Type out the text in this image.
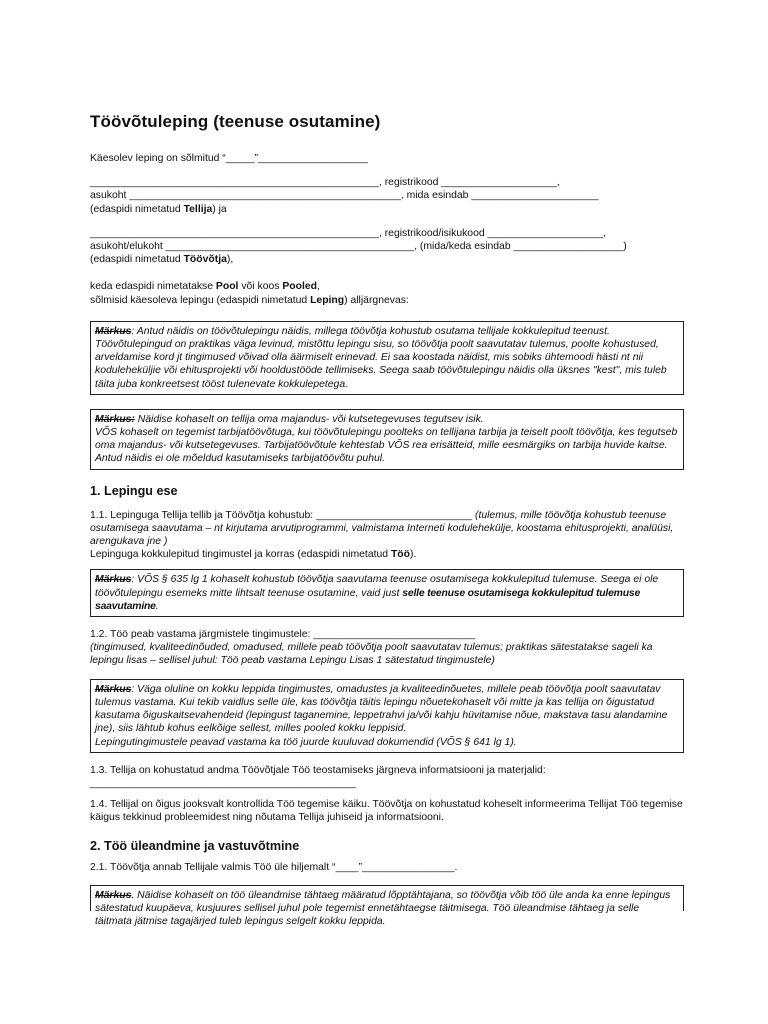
Töövõtuleping (teenuse osutamine)

Käesolev leping on sõlmitud “_____”___________________

__________________________________________________, registrikood ____________________,

asukoht _______________________________________________, mida esindab ______________________

(edaspidi nimetatud Tellija) ja

__________________________________________________, registrikood/isikukood ____________________,

asukoht/elukoht ___________________________________________, (mida/keda esindab ___________________)

(edaspidi nimetatud Töövõtja),

keda edaspidi nimetatakse Pool või koos Pooled,

sõlmisid käesoleva lepingu (edaspidi nimetatud Leping) alljärgnevas:

Märkus: Antud näidis on töövõtulepingu näidis, millega töövõtja kohustub osutama tellijale kokkulepitud teenust. Töövõtulepingud on praktikas väga levinud, mistõttu lepingu sisu, so töövõtja poolt saavutatav tulemus, poolte kohustused, arveldamise kord jt tingimused võivad olla äärmiselt erinevad. Ei saa koostada näidist, mis sobiks ühtemoodi hästi nt nii koduleheküljie või ehitusprojekti või hooldustööde tellimiseks. Seega saab töövõtulepingu näidis olla üksnes "kest", mis tuleb täita juba konkreetsest tööst tulenevate kokkulepetega.
Märkus: Näidise kohaselt on tellija oma majandus- või kutsetegevuses tegutsev isik.
VÕS kohaselt on tegemist tarbijatöövõtuga, kui töövõtulepingu poolteks on tellijana tarbija ja teiselt poolt töövõtja, kes tegutseb oma majandus- või kutsetegevuses. Tarbijatöövõtule kehtestab VÕS rea erisätteid, mille eesmärgiks on tarbija huvide kaitse.
Antud näidis ei ole mõeldud kasutamiseks tarbijatöövõtu puhul.
1. Lepingu ese

1.1. Lepinguga Tellija tellib ja Töövõtja kohustub: ___________________________ (tulemus, mille töövõtja kohustub teenuse osutamisega saavutama – nt kirjutama arvutiprogrammi, valmistama Interneti kodulehekülje, koostama ehitusprojekti, analüüsi, arengukava jne )

Lepinguga kokkulepitud tingimustel ja korras (edaspidi nimetatud Töö).

Märkus: VÕS § 635 lg 1 kohaselt kohustub töövõtja saavutama teenuse osutamisega kokkulepitud tulemuse. Seega ei ole töövõtulepingu esemeks mitte lihtsalt teenuse osutamine, vaid just selle teenuse osutamisega kokkulepitud tulemuse saavutamine.

1.2. Töö peab vastama järgmistele tingimustele: ____________________________
(tingimused, kvaliteedinõuded, omadused, millele peab töövõtja poolt saavutatav tulemus; praktikas sätestatakse sageli ka lepingu lisas – sellisel juhul: Töö peab vastama Lepingu Lisas 1 sätestatud tingimustele)

Märkus: Väga oluline on kokku leppida tingimustes, omadustes ja kvaliteedinõuetes, millele peab töövõtja poolt saavutatav tulemus vastama. Kui tekib vaidlus selle üle, kas töövõtja täitis lepingu nõuetekohaselt või mitte ja kas tellija on õigustatud kasutama õiguskaitsevahendeid (lepingust taganemine, leppetrahvi ja/või kahju hüvitamise nõue, makstava tasu alandamine jne), siis lähtub kohus eelkõige sellest, milles pooled kokku leppisid.
Lepingutingimustele peavad vastama ka töö juurde kuuluvad dokumendid (VÕS § 641 lg 1).

1.3. Tellija on kohustatud andma Töövõtjale Töö teostamiseks järgneva informatsiooni ja materjalid:

______________________________________________

1.4. Tellijal on õigus jooksvalt kontrollida Töö tegemise käiku. Töövõtja on kohustatud koheselt informeerima Tellijat Töö tegemise käigus tekkinud probleemidest ning nõutama Tellija juhiseid ja informatsiooni.

2. Töö üleandmine ja vastuvõtmine

2.1. Töövõtja annab Tellijale valmis Töö üle hiljemalt “____”________________.

Märkus. Näidise kohaselt on töö üleandmise tähtaeg määratud lõpptähtajana, so töövõtja võib töö üle anda ka enne lepingus sätestatud kuupäeva, kusjuures sellisel juhul pole tegemist ennetähtaegse täitmisega. Töö üleandmise tähtaeg ja selle täitmata jätmise tagajärjed tuleb lepingus selgelt kokku leppida.
